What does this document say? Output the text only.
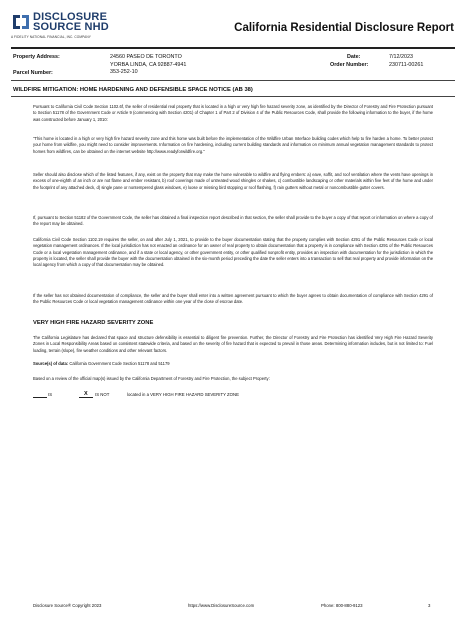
DISCLOSURE
SOURCE NHD
A FIDELITY NATIONAL FINANCIAL, INC. COMPANY
California Residential Disclosure Report
Property Address:	24560 PASEO DE TORONTO
YORBA LINDA, CA 92887-4941
Parcel Number:	353-252-10
Date:	7/12/2023
Order Number:	230711-00261
WILDFIRE MITIGATION: HOME HARDENING AND DEFENSIBLE SPACE NOTICE (AB 38)
Pursuant to California Civil Code Section 1102.6f, the seller of residential real property that is located in a high or very high fire hazard severity zone, as identified by the Director of Forestry and Fire Protection pursuant to Section 51178 of the Government Code or Article 9 (commencing with Section 4201) of Chapter 1 of Part 2 of Division 4 of the Public Resources Code, shall provide the following information to the buyer, if the home was constructed before January 1, 2010:
"This home is located in a high or very high fire hazard severity zone and this home was built before the implementation of the Wildfire Urban Interface building codes which help to fire harden a home. To better protect your home from wildfire, you might need to consider improvements. Information on fire hardening, including current building standards and information on minimum annual vegetation management standards to protect homes from wildfires, can be obtained on the internet website http://www.readyforwildfire.org."
Seller should also disclose which of the listed features, if any, exist on the property that may make the home vulnerable to wildfire and flying embers: a) eave, soffit, and roof ventilation where the vents have openings in excess of one-eighth of an inch or are not flame and ember resistant, b) roof coverings made of untreated wood shingles or shakes, c) combustible landscaping or other materials within five feet of the home and under the footprint of any attached deck, d) single pane or nontempered glass windows, e) loose or missing bird stopping or roof flashing, f) rain gutters without metal or noncombustible gutter covers.
If, pursuant to Section 51182 of the Government Code, the seller has obtained a final inspection report described in that section, the seller shall provide to the buyer a copy of that report or information on where a copy of the report may be obtained.
California Civil Code Section 1102.19 requires the seller, on and after July 1, 2021, to provide to the buyer documentation stating that the property complies with Section 4291 of the Public Resources Code or local vegetation management ordinances. If the local jurisdiction has not enacted an ordinance for an owner of real property to obtain documentation that a property is in compliance with Section 4291 of the Public Resources Code or a local vegetation management ordinance, and if a state or local agency, or other government entity, or other qualified nonprofit entity, provides an inspection with documentation for the jurisdiction in which the property is located, the seller shall provide the buyer with the documentation obtained in the six-month period preceding the date the seller enters into a transaction to sell that real property and provide information on the local agency from which a copy of that documentation may be obtained.
If the seller has not obtained documentation of compliance, the seller and the buyer shall enter into a written agreement pursuant to which the buyer agrees to obtain documentation of compliance with Section 4291 of the Public Resources Code or local vegetation management ordinance within one year of the close of escrow date.
VERY HIGH FIRE HAZARD SEVERITY ZONE
The California Legislature has declared that space and structure defensibility is essential to diligent fire prevention. Further, the Director of Forestry and Fire Protection has identified Very High Fire Hazard Severity Zones in Local Responsibility Areas based on consistent statewide criteria, and based on the severity of fire hazard that is expected to prevail in those areas. Determining information includes, but is not limited to: Fuel loading, terrain (slope), fire weather conditions and other relevant factors.
Source(s) of data: California Government Code Section 51178 and 51179
Based on a review of the official map(s) issued by the California Department of Forestry and Fire Protection, the subject Property:
IS	X IS NOT	located in a VERY HIGH FIRE HAZARD SEVERITY ZONE
Disclosure Source® Copyright 2023	https://www.DisclosureSource.com	Phone: 800-880-9123	3
